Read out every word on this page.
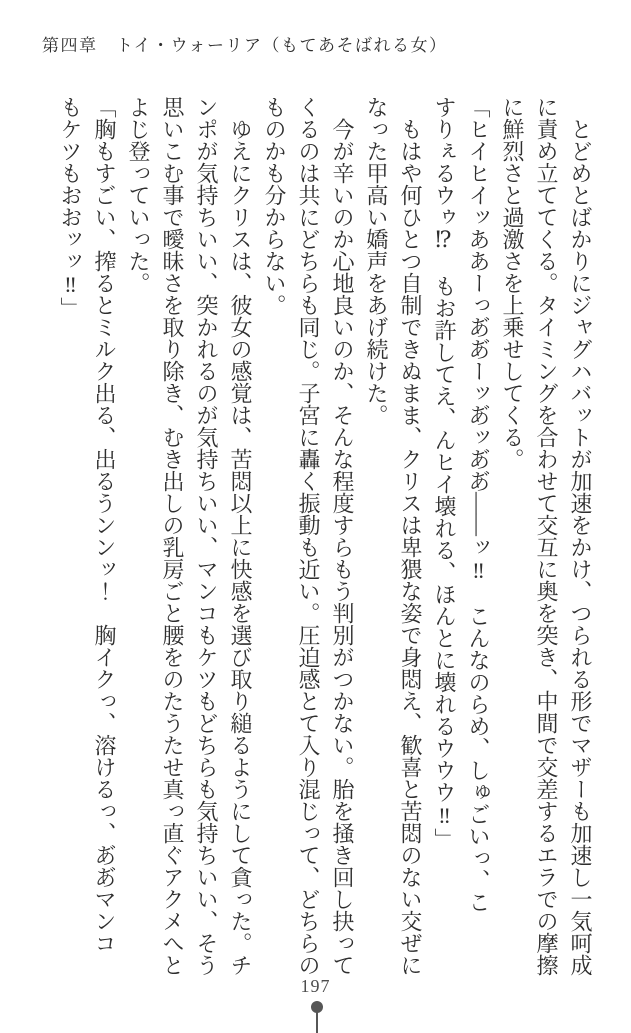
第四章　トイ・ウォーリア（もてあそばれる女）
　とどめとばかりにジャグハバットが加速をかけ、つられる形でマザーも加速し一気呵成
に責め立ててくる。タイミングを合わせて交互に奥を突き、中間で交差するエラでの摩擦
に鮮烈さと過激さを上乗せしてくる。
「ヒイヒイッああーっあ゙あ゙ーッあ゙ッあ゙あ゙――ッ‼　こんなのらめ、しゅごいっ、こ
すりぇるウゥ⁉　もお許してえ、んヒイ壊れる、ほんとに壊れるウウウ‼」
　もはや何ひとつ自制できぬまま、クリスは卑猥な姿で身悶え、歓喜と苦悶のない交ぜに
なった甲高い嬌声をあげ続けた。
　今が辛いのか心地良いのか、そんな程度すらもう判別がつかない。胎を掻き回し抉って
くるのは共にどちらも同じ。子宮に轟く振動も近い。圧迫感とて入り混じって、どちらの
ものかも分からない。
　ゆえにクリスは、彼女の感覚は、苦悶以上に快感を選び取り縋るようにして貪った。チ
ンポが気持ちいい、突かれるのが気持ちいい、マンコもケツもどちらも気持ちいい、そう
思いこむ事で曖昧さを取り除き、むき出しの乳房ごと腰をのたうたせ真っ直ぐアクメへと
よじ登っていった。
「胸もすごい、搾るとミルク出る、出るうンンッ！　胸イクっ、溶けるっ、あ゙あ゙マンコ
もケツもおおッッ‼」
197
